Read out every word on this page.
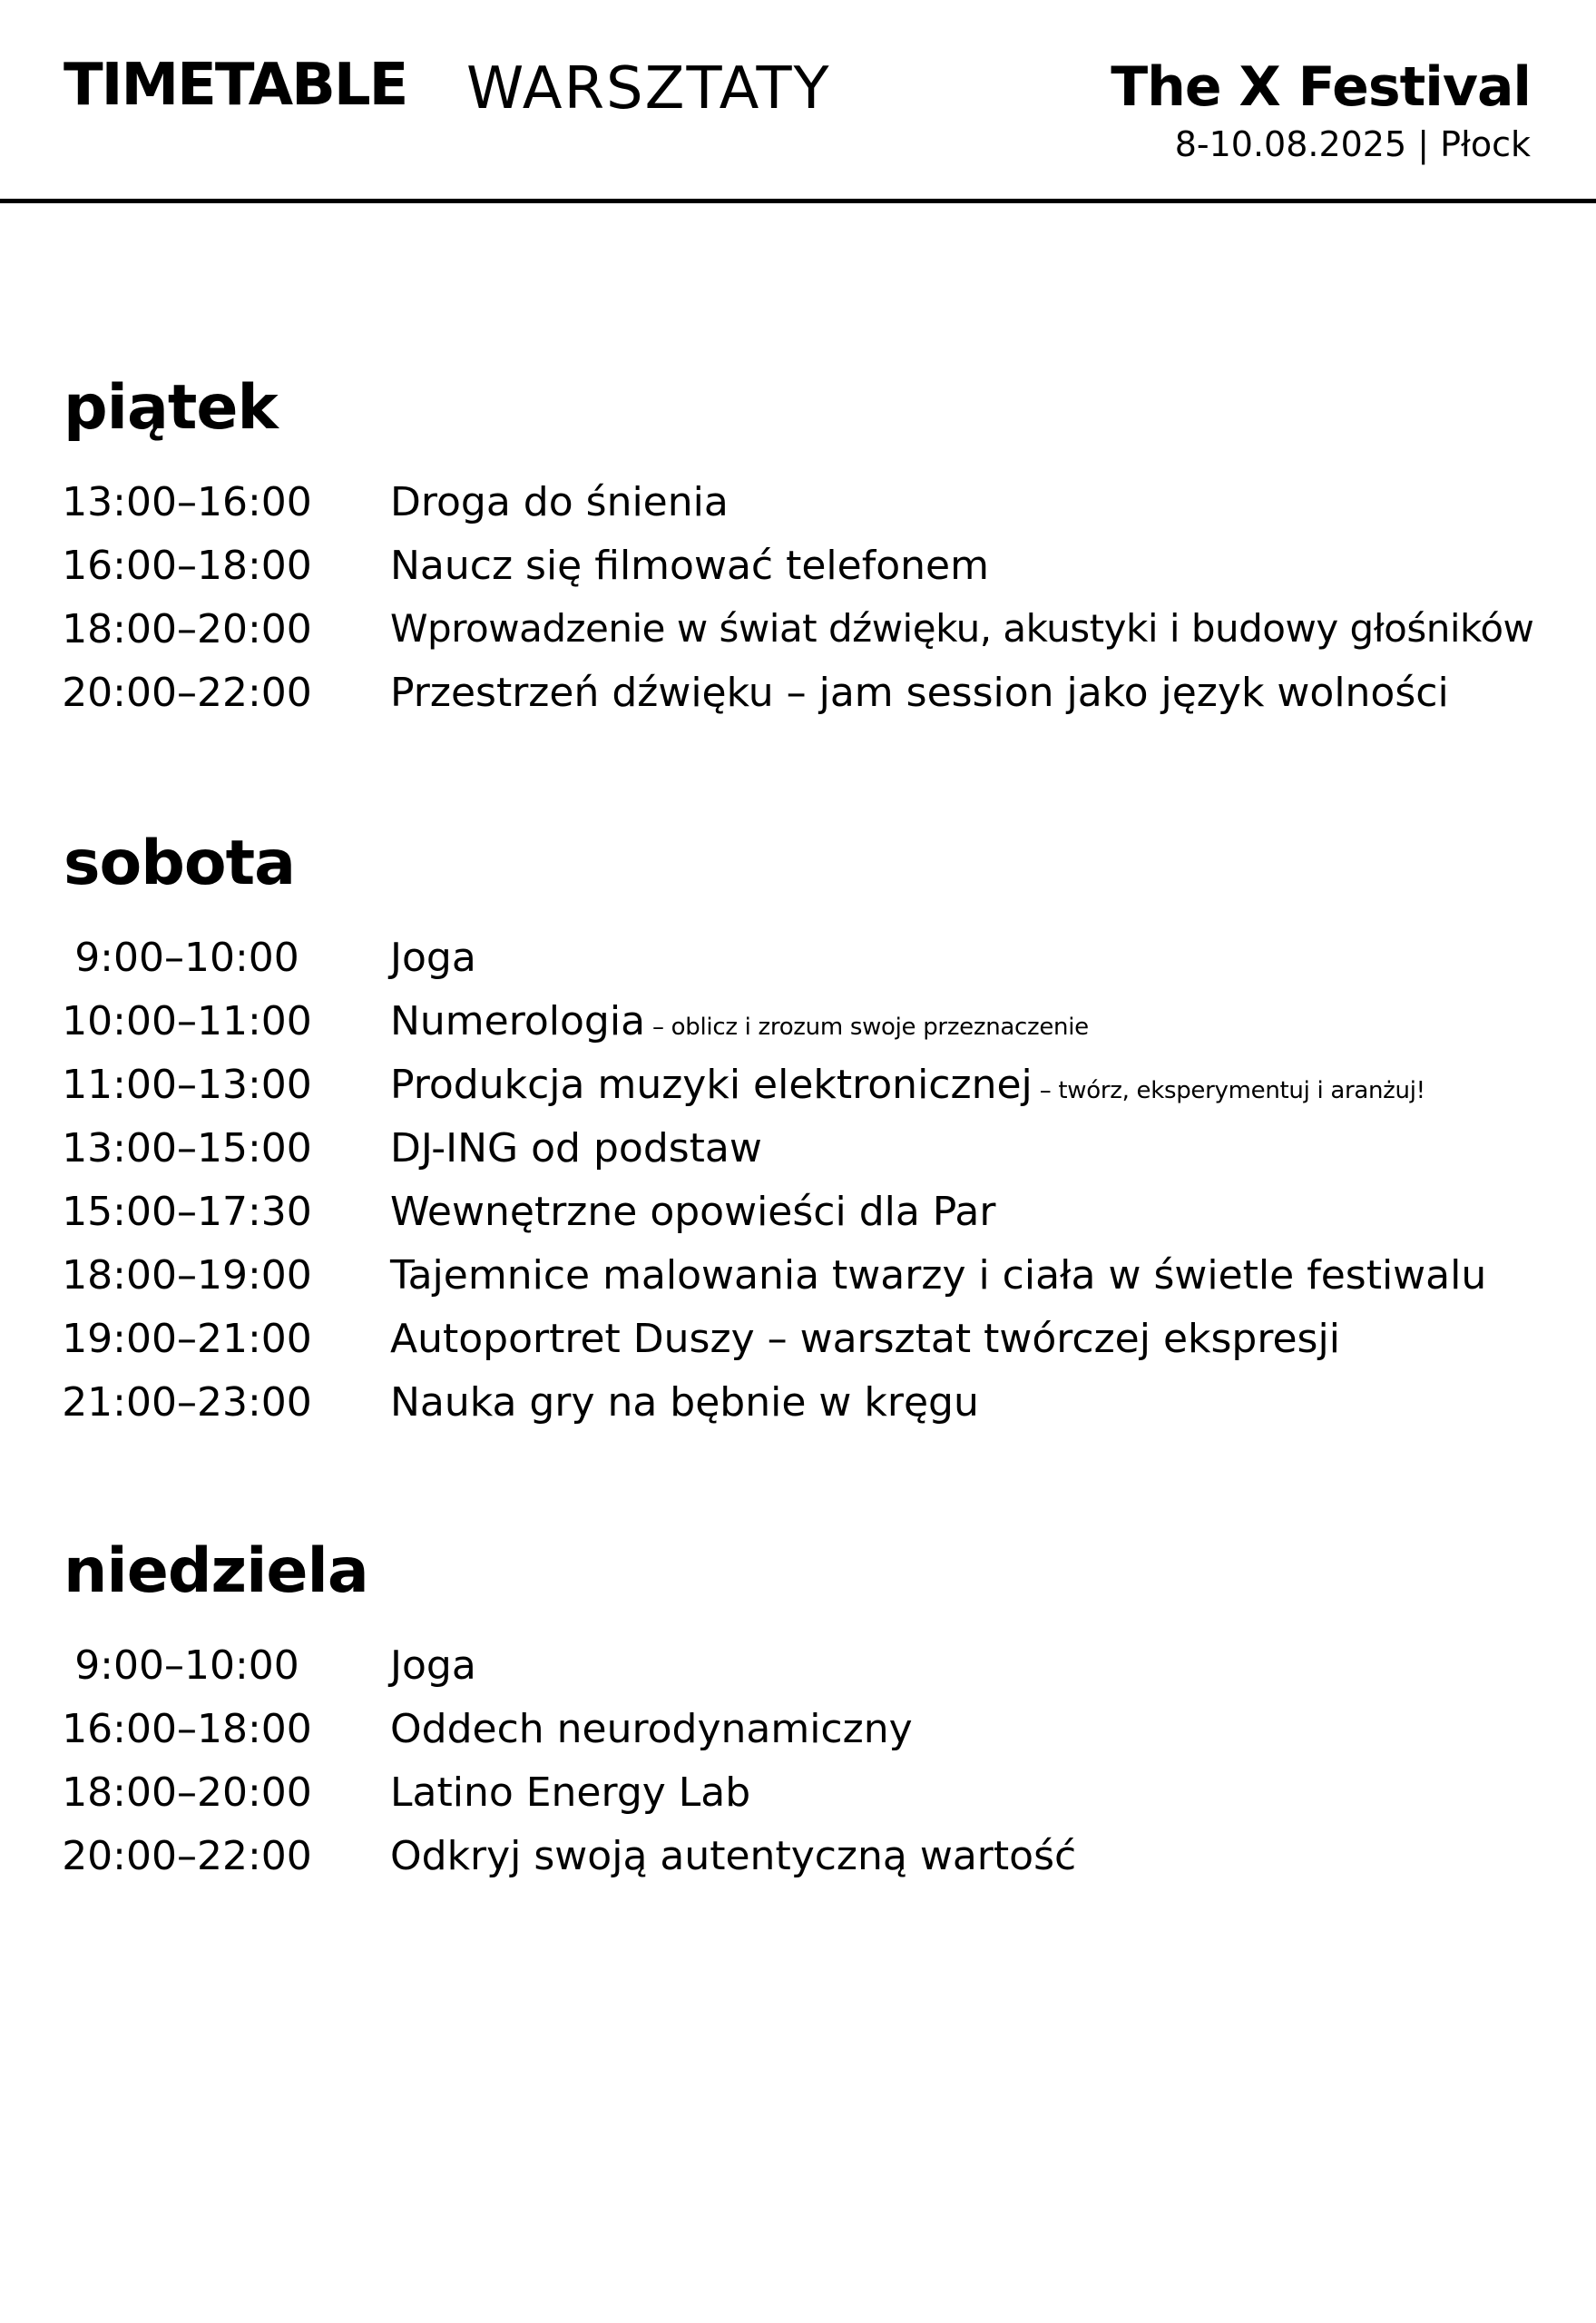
TIMETABLE WARSZTATY	The X Festival
8-10.08.2025 | Płock
piątek
13:00–16:00 Droga do śnienia
16:00–18:00 Naucz się filmować telefonem
18:00–20:00 Wprowadzenie w świat dźwięku, akustyki i budowy głośników
20:00–22:00 Przestrzeń dźwięku – jam session jako język wolności
sobota
9:00–10:00	Joga
10:00–11:00 Numerologia – oblicz i zrozum swoje przeznaczenie
11:00–13:00 Produkcja muzyki elektronicznej – twórz, eksperymentuj i aranżuj!
13:00–15:00 DJ-ING od podstaw
15:00–17:30 Wewnętrzne opowieści dla Par
18:00–19:00 Tajemnice malowania twarzy i ciała w świetle festiwalu
19:00–21:00 Autoportret Duszy – warsztat twórczej ekspresji
21:00–23:00 Nauka gry na bębnie w kręgu
niedziela
9:00–10:00	Joga
16:00–18:00 Oddech neurodynamiczny
18:00–20:00 Latino Energy Lab
20:00–22:00 Odkryj swoją autentyczną wartość
